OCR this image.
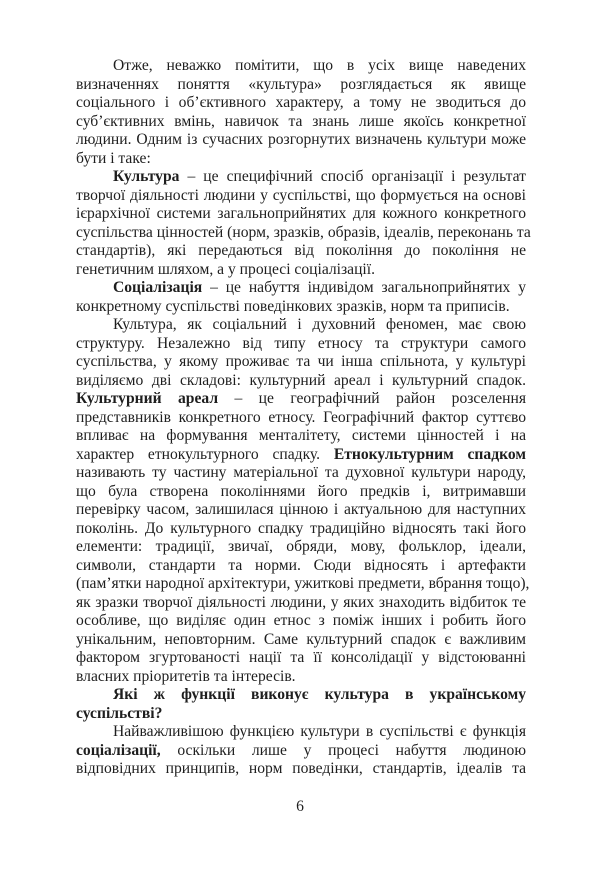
Отже, неважко помітити, що в усіх вище наведених
визначеннях поняття «культура» розглядається як явище
соціального і об’єктивного характеру, а тому не зводиться до
суб’єктивних вмінь, навичок та знань лише якоїсь конкретної
людини. Одним із сучасних розгорнутих визначень культури може
бути і таке:
Культура – це специфічний спосіб організації і результат
творчої діяльності людини у суспільстві, що формується на основі
ієрархічної системи загальноприйнятих для кожного конкретного
суспільства цінностей (норм, зразків, образів, ідеалів, переконань та
стандартів), які передаються від покоління до покоління не
генетичним шляхом, а у процесі соціалізації.
Соціалізація – це набуття індивідом загальноприйнятих у
конкретному суспільстві поведінкових зразків, норм та приписів.
Культура, як соціальний і духовний феномен, має свою
структуру. Незалежно від типу етносу та структури самого
суспільства, у якому проживає та чи інша спільнота, у культурі
виділяємо дві складові: культурний ареал і культурний спадок.
Культурний ареал – це географічний район розселення
представників конкретного етносу. Географічний фактор суттєво
впливає на формування менталітету, системи цінностей і на
характер етнокультурного спадку. Етнокультурним спадком
називають ту частину матеріальної та духовної культури народу,
що була створена поколіннями його предків і, витримавши
перевірку часом, залишилася цінною і актуальною для наступних
поколінь. До культурного спадку традиційно відносять такі його
елементи: традиції, звичаї, обряди, мову, фольклор, ідеали,
символи, стандарти та норми. Сюди відносять і артефакти
(пам’ятки народної архітектури, ужиткові предмети, вбрання тощо),
як зразки творчої діяльності людини, у яких знаходить відбиток те
особливе, що виділяє один етнос з поміж інших і робить його
унікальним, неповторним. Саме культурний спадок є важливим
фактором згуртованості нації та її консолідації у відстоюванні
власних пріоритетів та інтересів.
Які ж функції виконує культура в українському
суспільстві?
Найважливішою функцією культури в суспільстві є функція
соціалізації, оскільки лише у процесі набуття людиною
відповідних принципів, норм поведінки, стандартів, ідеалів та
6
